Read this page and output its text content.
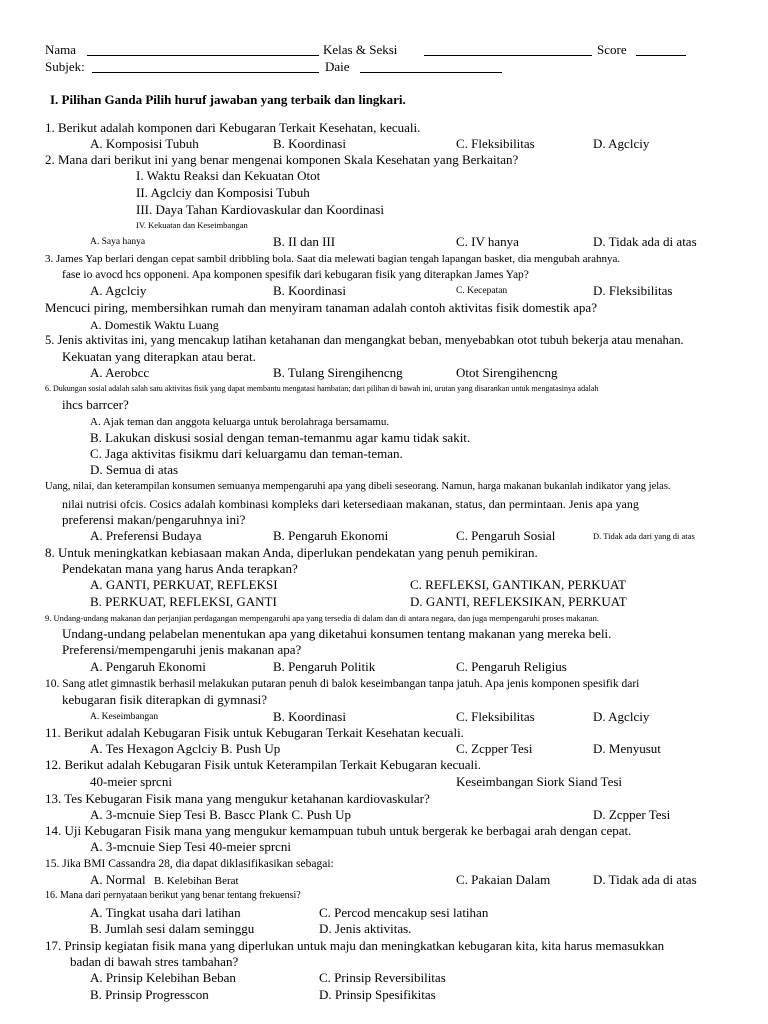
Nama	Kelas & Seksi	Score
Subjek:	Daie
I. Pilihan Ganda Pilih huruf jawaban yang terbaik dan lingkari.
1. Berikut adalah komponen dari Kebugaran Terkait Kesehatan, kecuali.
A. Komposisi Tubuh	B. Koordinasi	C. Fleksibilitas	D. Agclciy
2. Mana dari berikut ini yang benar mengenai komponen Skala Kesehatan yang Berkaitan?
I. Waktu Reaksi dan Kekuatan Otot
II. Agclciy dan Komposisi Tubuh
III. Daya Tahan Kardiovaskular dan Koordinasi
IV. Kekuatan dan Keseimbangan
A. Saya hanya	B. II dan III	C. IV hanya	D. Tidak ada di atas
3. James Yap berlari dengan cepat sambil dribbling bola. Saat dia melewati bagian tengah lapangan basket, dia mengubah arahnya.
fase io avocd hcs opponeni. Apa komponen spesifik dari kebugaran fisik yang diterapkan James Yap?
A. Agclciy	B. Koordinasi	C. Kecepatan	D. Fleksibilitas
Mencuci piring, membersihkan rumah dan menyiram tanaman adalah contoh aktivitas fisik domestik apa?
A. Domestik Waktu Luang
5. Jenis aktivitas ini, yang mencakup latihan ketahanan dan mengangkat beban, menyebabkan otot tubuh bekerja atau menahan.
Kekuatan yang diterapkan atau berat.
A. Aerobcc	B. Tulang Sirengihencng	Otot Sirengihencng
6. Dukungan sosial adalah salah satu aktivitas fisik yang dapat membantu mengatasi hambatan; dari pilihan di bawah ini, urutan yang disarankan untuk mengatasinya adalah
ihcs barrcer?
A. Ajak teman dan anggota keluarga untuk berolahraga bersamamu.
B. Lakukan diskusi sosial dengan teman-temanmu agar kamu tidak sakit.
C. Jaga aktivitas fisikmu dari keluargamu dan teman-teman.
D. Semua di atas
Uang, nilai, dan keterampilan konsumen semuanya mempengaruhi apa yang dibeli seseorang. Namun, harga makanan bukanlah indikator yang jelas.
nilai nutrisi ofcis. Cosics adalah kombinasi kompleks dari ketersediaan makanan, status, dan permintaan. Jenis apa yang
preferensi makan/pengaruhnya ini?
A. Preferensi Budaya	B. Pengaruh Ekonomi	C. Pengaruh Sosial	D. Tidak ada dari yang di atas
8. Untuk meningkatkan kebiasaan makan Anda, diperlukan pendekatan yang penuh pemikiran.
Pendekatan mana yang harus Anda terapkan?
A. GANTI, PERKUAT, REFLEKSI	C. REFLEKSI, GANTIKAN, PERKUAT
B. PERKUAT, REFLEKSI, GANTI	D. GANTI, REFLEKSIKAN, PERKUAT
9. Undang-undang makanan dan perjanjian perdagangan mempengaruhi apa yang tersedia di dalam dan di antara negara, dan juga mempengaruhi proses makanan.
Undang-undang pelabelan menentukan apa yang diketahui konsumen tentang makanan yang mereka beli.
Preferensi/mempengaruhi jenis makanan apa?
A. Pengaruh Ekonomi	B. Pengaruh Politik	C. Pengaruh Religius
10. Sang atlet gimnastik berhasil melakukan putaran penuh di balok keseimbangan tanpa jatuh. Apa jenis komponen spesifik dari
kebugaran fisik diterapkan di gymnasi?
A. Keseimbangan	B. Koordinasi	C. Fleksibilitas	D. Agclciy
11. Berikut adalah Kebugaran Fisik untuk Kebugaran Terkait Kesehatan kecuali.
A. Tes Hexagon Agclciy B. Push Up	C. Zcpper Tesi	D. Menyusut
12. Berikut adalah Kebugaran Fisik untuk Keterampilan Terkait Kebugaran kecuali.
40-meier sprcni	Keseimbangan Siork Siand Tesi
13. Tes Kebugaran Fisik mana yang mengukur ketahanan kardiovaskular?
A. 3-mcnuie Siep Tesi B. Bascc Plank C. Push Up	D. Zcpper Tesi
14. Uji Kebugaran Fisik mana yang mengukur kemampuan tubuh untuk bergerak ke berbagai arah dengan cepat.
A. 3-mcnuie Siep Tesi 40-meier sprcni
15. Jika BMI Cassandra 28, dia dapat diklasifikasikan sebagai:
A. Normal B. Kelebihan Berat	C. Pakaian Dalam	D. Tidak ada di atas
16. Mana dari pernyataan berikut yang benar tentang frekuensi?
A. Tingkat usaha dari latihan	C. Percod mencakup sesi latihan
B. Jumlah sesi dalam seminggu	D. Jenis aktivitas.
17. Prinsip kegiatan fisik mana yang diperlukan untuk maju dan meningkatkan kebugaran kita, kita harus memasukkan
badan di bawah stres tambahan?
A. Prinsip Kelebihan Beban	C. Prinsip Reversibilitas
B. Prinsip Progresscon	D. Prinsip Spesifikitas
